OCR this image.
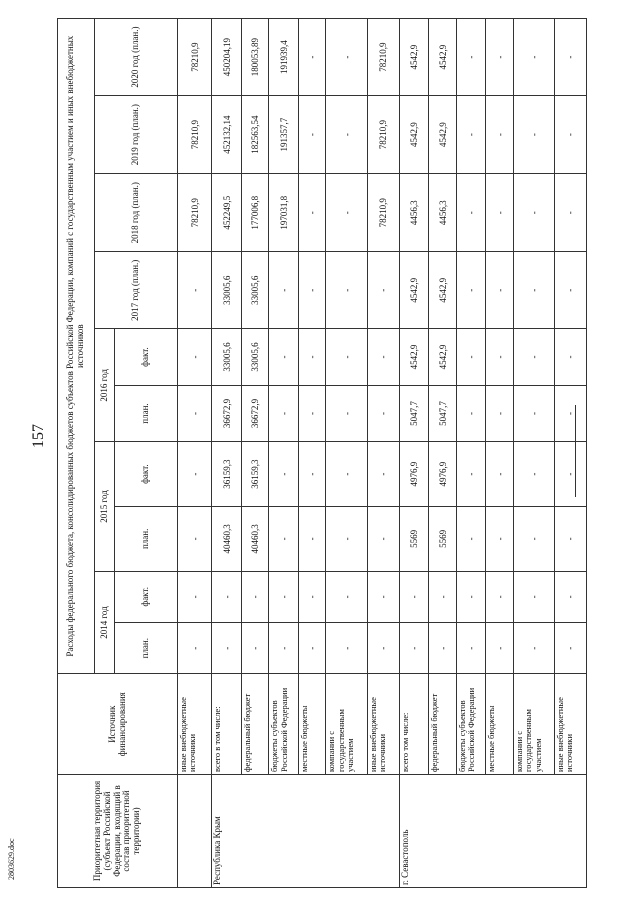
157
2803629.doc	Приоритетная территория (субъект Российской Федерации, входящий в состав приоритетной территории)	Источник финансирования	Расходы федерального бюджета, консолидированных бюджетов субъектов Российской Федерации, компаний с государственным участием и иных внебюджетных источников									
		2014 год		2015 год		2016 год		2017 год (план.)	2018 год (план.)	2019 год (план.)	2020 год (план.)
		план.	факт.	план.	факт.	план.	факт.				
	иные внебюджетные источники	-	-	-	-	-	-	-	78210,9	78210,9	78210,9
Республика Крым	всего в том числе:	-	-	40460,3	36159,3	36672,9	33005,6	33005,6	452249,5	452132,14	450204,19
	федеральный бюджет	-	-	40460,3	36159,3	36672,9	33005,6	33005,6	177006,8	182563,54	180053,89
	бюджеты субъектов Российской Федерации	-	-	-	-	-	-	-	197031,8	191357,7	191939,4
	местные бюджеты	-	-	-	-	-	-	-	-	-	-
	компании с государственным участием	-	-	-	-	-	-	-	-	-	-
	иные внебюджетные источники	-	-	-	-	-	-	-	78210,9	78210,9	78210,9
г. Севастополь	всего том числе:	-	-	5569	4976,9	5047,7	4542,9	4542,9	4456,3	4542,9	4542,9
	федеральный бюджет	-	-	5569	4976,9	5047,7	4542,9	4542,9	4456,3	4542,9	4542,9
	бюджеты субъектов Российской Федерации	-	-	-	-	-	-	-	-	-	-
	местные бюджеты	-	-	-	-	-	-	-	-	-	-
	компании с государственным участием	-	-	-	-	-	-	-	-	-	-
	иные внебюджетные источники	-	-	-	-	-	-	-	-	-	-
